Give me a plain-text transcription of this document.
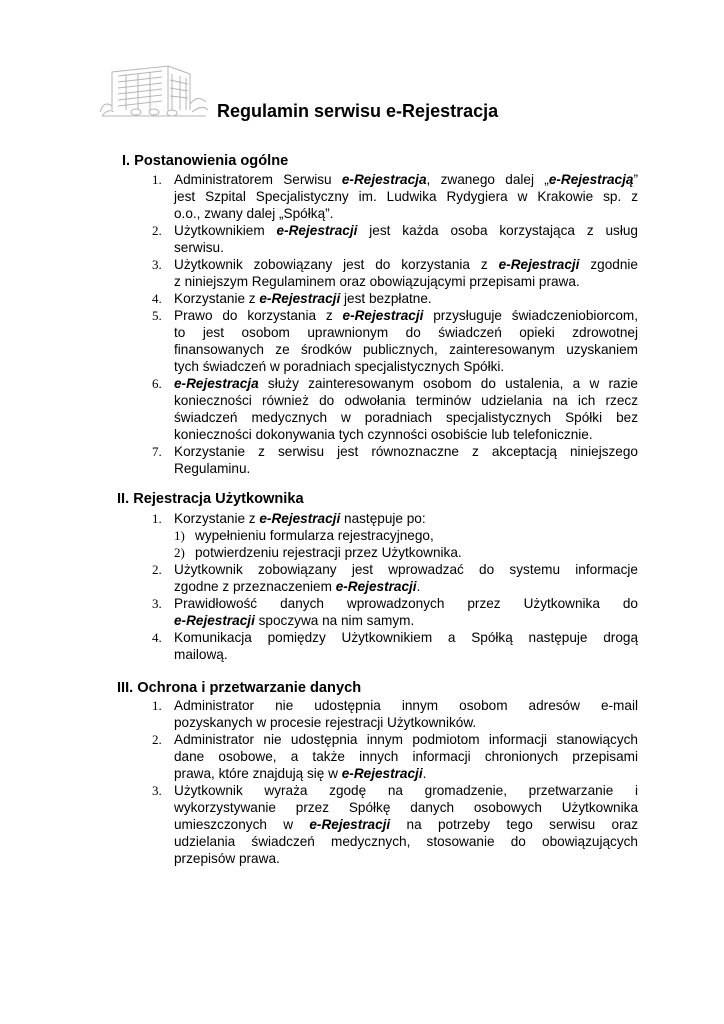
Regulamin serwisu e-Rejestracja
1. Administratorem Serwisu e-Rejestracja, zwanego dalej „e-Rejestracją”
jest Szpital Specjalistyczny im. Ludwika Rydygiera w Krakowie sp. z
o.o., zwany dalej „Spółką”.
2. Użytkownikiem e-Rejestracji jest każda osoba korzystająca z usług
serwisu.
3. Użytkownik zobowiązany jest do korzystania z e-Rejestracji zgodnie
z niniejszym Regulaminem oraz obowiązującymi przepisami prawa.
4. Korzystanie z e-Rejestracji jest bezpłatne.
5. Prawo do korzystania z e-Rejestracji przysługuje świadczeniobiorcom,
to jest osobom uprawnionym do świadczeń opieki zdrowotnej
finansowanych ze środków publicznych, zainteresowanym uzyskaniem
tych świadczeń w poradniach specjalistycznych Spółki.
6. e-Rejestracja służy zainteresowanym osobom do ustalenia, a w razie
konieczności również do odwołania terminów udzielania na ich rzecz
świadczeń medycznych w poradniach specjalistycznych Spółki bez
konieczności dokonywania tych czynności osobiście lub telefonicznie.
7. Korzystanie z serwisu jest równoznaczne z akceptacją niniejszego
Regulaminu.
1. Korzystanie z e-Rejestracji następuje po:
1) wypełnieniu formularza rejestracyjnego,
2) potwierdzeniu rejestracji przez Użytkownika.
2. Użytkownik zobowiązany jest wprowadzać do systemu informacje
zgodne z przeznaczeniem e-Rejestracji.
3. Prawidłowość danych wprowadzonych przez Użytkownika do
e-Rejestracji spoczywa na nim samym.
4. Komunikacja pomiędzy Użytkownikiem a Spółką następuje drogą
mailową.
1. Administrator nie udostępnia innym osobom adresów e-mail
pozyskanych w procesie rejestracji Użytkowników.
2. Administrator nie udostępnia innym podmiotom informacji stanowiących
dane osobowe, a także innych informacji chronionych przepisami
prawa, które znajdują się w e-Rejestracji.
3. Użytkownik wyraża zgodę na gromadzenie, przetwarzanie i
wykorzystywanie przez Spółkę danych osobowych Użytkownika
umieszczonych w e-Rejestracji na potrzeby tego serwisu oraz
udzielania świadczeń medycznych, stosowanie do obowiązujących
przepisów prawa.
I. Postanowienia ogólne
II. Rejestracja Użytkownika
III. Ochrona i przetwarzanie danych
